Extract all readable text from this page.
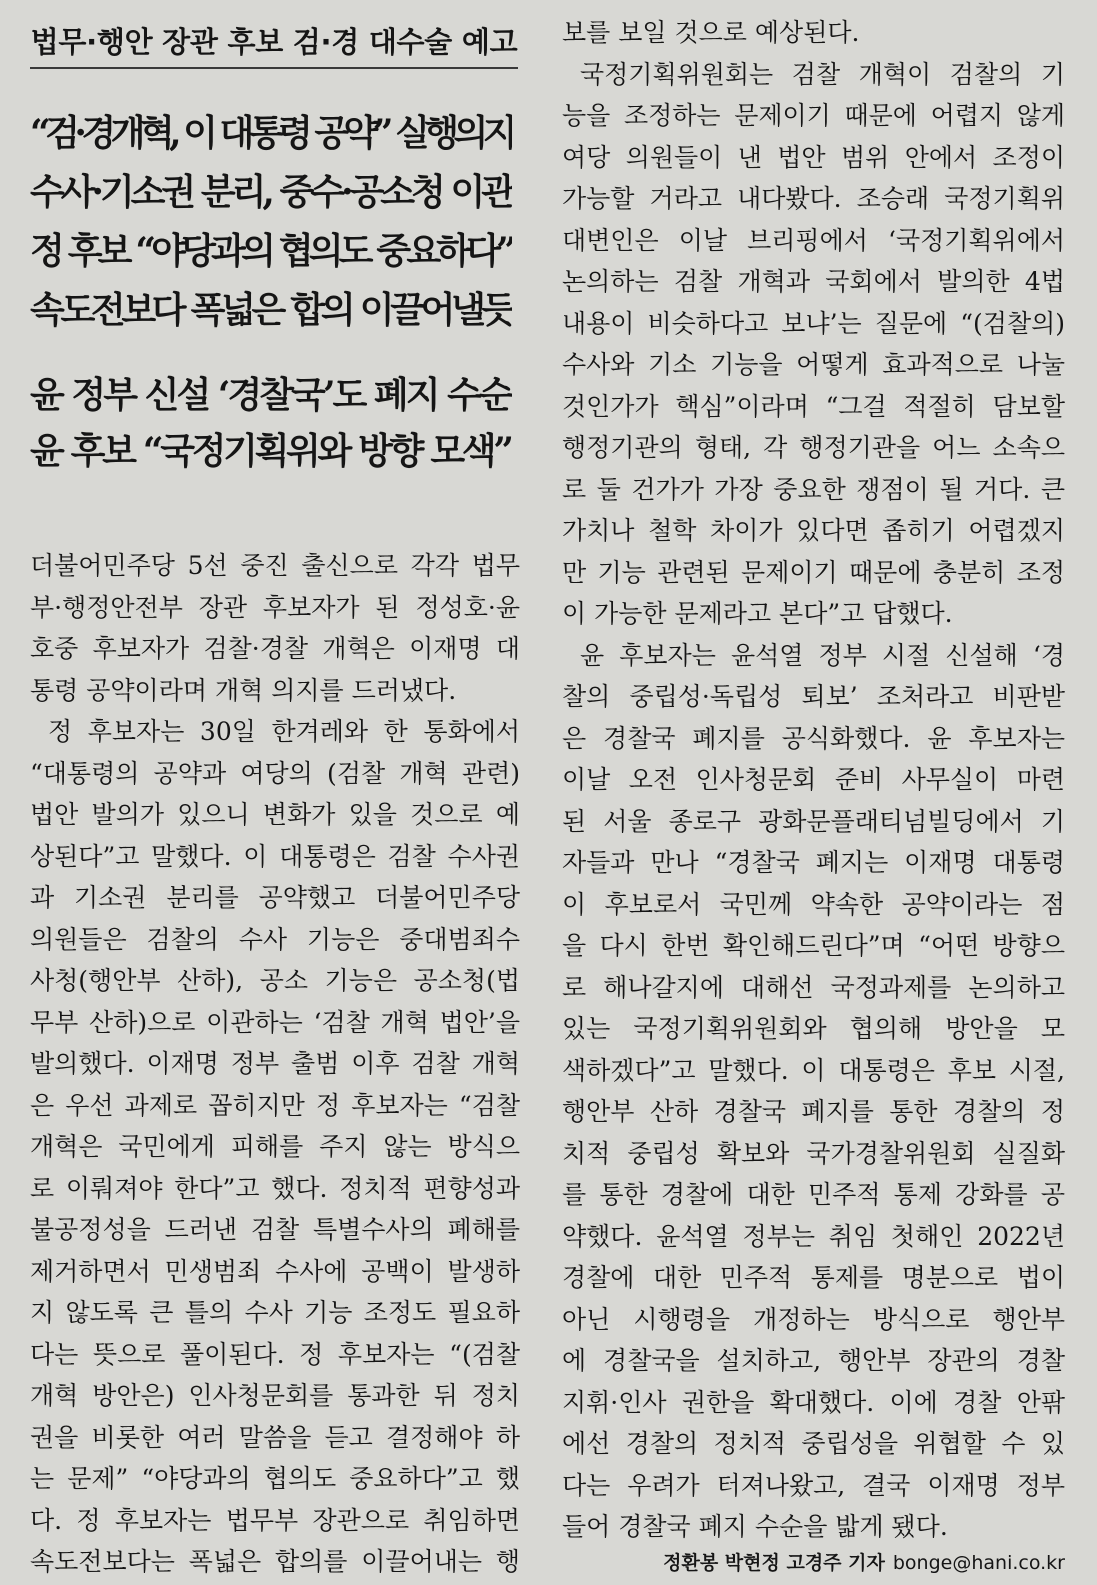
법무·행안 장관 후보 검·경 대수술 예고
“검·경개혁, 이 대통령 공약” 실행의지
수사·기소권 분리, 중수·공소청 이관
정 후보 “야당과의 협의도 중요하다”
속도전보다 폭넓은 합의 이끌어낼듯
윤 정부 신설 ‘경찰국’도 폐지 수순
윤 후보 “국정기획위와 방향 모색”
더불어민주당 5선 중진 출신으로 각각 법무
부·행정안전부 장관 후보자가 된 정성호·윤
호중 후보자가 검찰·경찰 개혁은 이재명 대
통령 공약이라며 개혁 의지를 드러냈다.
정 후보자는 30일 한겨레와 한 통화에서
“대통령의 공약과 여당의 (검찰 개혁 관련)
법안 발의가 있으니 변화가 있을 것으로 예
상된다”고 말했다. 이 대통령은 검찰 수사권
과 기소권 분리를 공약했고 더불어민주당
의원들은 검찰의 수사 기능은 중대범죄수
사청(행안부 산하), 공소 기능은 공소청(법
무부 산하)으로 이관하는 ‘검찰 개혁 법안’을
발의했다. 이재명 정부 출범 이후 검찰 개혁
은 우선 과제로 꼽히지만 정 후보자는 “검찰
개혁은 국민에게 피해를 주지 않는 방식으
로 이뤄져야 한다”고 했다. 정치적 편향성과
불공정성을 드러낸 검찰 특별수사의 폐해를
제거하면서 민생범죄 수사에 공백이 발생하
지 않도록 큰 틀의 수사 기능 조정도 필요하
다는 뜻으로 풀이된다. 정 후보자는 “(검찰
개혁 방안은) 인사청문회를 통과한 뒤 정치
권을 비롯한 여러 말씀을 듣고 결정해야 하
는 문제” “야당과의 협의도 중요하다”고 했
다. 정 후보자는 법무부 장관으로 취임하면
속도전보다는 폭넓은 합의를 이끌어내는 행
보를 보일 것으로 예상된다.
국정기획위원회는 검찰 개혁이 검찰의 기
능을 조정하는 문제이기 때문에 어렵지 않게
여당 의원들이 낸 법안 범위 안에서 조정이
가능할 거라고 내다봤다. 조승래 국정기획위
대변인은 이날 브리핑에서 ‘국정기획위에서
논의하는 검찰 개혁과 국회에서 발의한 4법
내용이 비슷하다고 보냐’는 질문에 “(검찰의)
수사와 기소 기능을 어떻게 효과적으로 나눌
것인가가 핵심”이라며 “그걸 적절히 담보할
행정기관의 형태, 각 행정기관을 어느 소속으
로 둘 건가가 가장 중요한 쟁점이 될 거다. 큰
가치나 철학 차이가 있다면 좁히기 어렵겠지
만 기능 관련된 문제이기 때문에 충분히 조정
이 가능한 문제라고 본다”고 답했다.
윤 후보자는 윤석열 정부 시절 신설해 ‘경
찰의 중립성·독립성 퇴보’ 조처라고 비판받
은 경찰국 폐지를 공식화했다. 윤 후보자는
이날 오전 인사청문회 준비 사무실이 마련
된 서울 종로구 광화문플래티넘빌딩에서 기
자들과 만나 “경찰국 폐지는 이재명 대통령
이 후보로서 국민께 약속한 공약이라는 점
을 다시 한번 확인해드린다”며 “어떤 방향으
로 해나갈지에 대해선 국정과제를 논의하고
있는 국정기획위원회와 협의해 방안을 모
색하겠다”고 말했다. 이 대통령은 후보 시절,
행안부 산하 경찰국 폐지를 통한 경찰의 정
치적 중립성 확보와 국가경찰위원회 실질화
를 통한 경찰에 대한 민주적 통제 강화를 공
약했다. 윤석열 정부는 취임 첫해인 2022년
경찰에 대한 민주적 통제를 명분으로 법이
아닌 시행령을 개정하는 방식으로 행안부
에 경찰국을 설치하고, 행안부 장관의 경찰
지휘·인사 권한을 확대했다. 이에 경찰 안팎
에선 경찰의 정치적 중립성을 위협할 수 있
다는 우려가 터져나왔고, 결국 이재명 정부
들어 경찰국 폐지 수순을 밟게 됐다.
정환봉 박현정 고경주 기자 bonge@hani.co.kr
